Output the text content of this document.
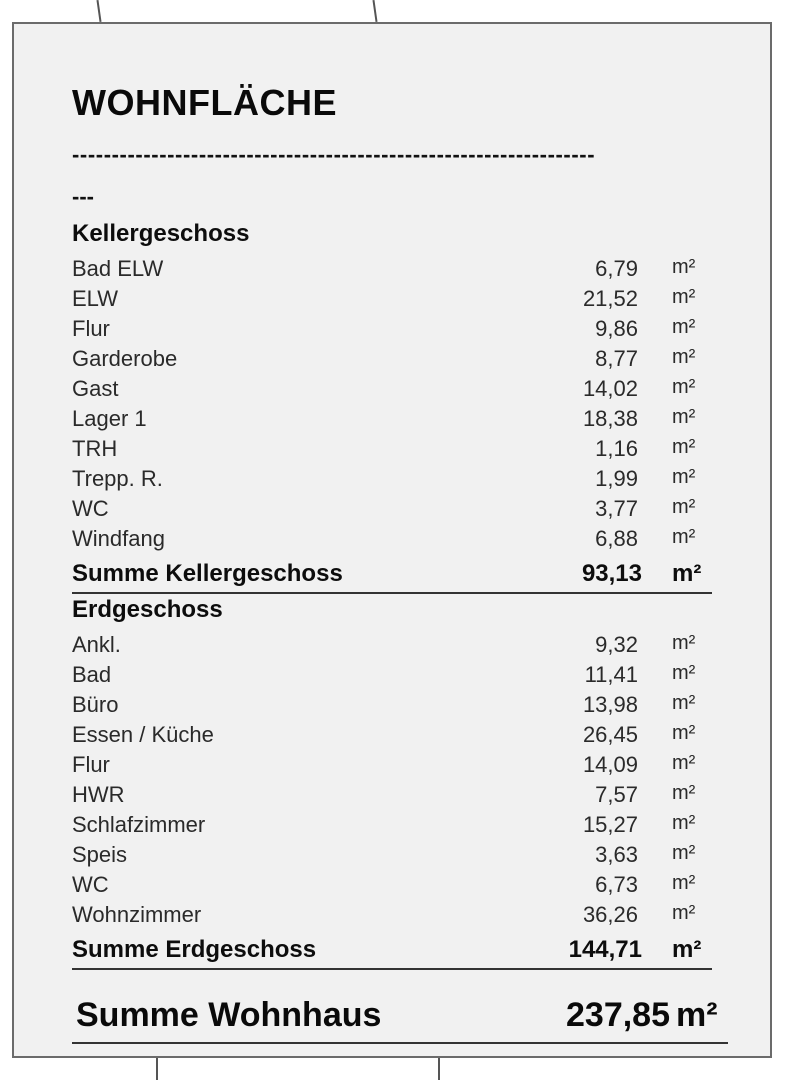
WOHNFLÄCHE
------------------------------------------------------------------
---
Kellergeschoss
Bad ELW	6,79 m²
ELW	21,52 m²
Flur	9,86 m²
Garderobe	8,77 m²
Gast	14,02 m²
Lager 1	18,38 m²
TRH	1,16 m²
Trepp. R.	1,99 m²
WC	3,77 m²
Windfang	6,88 m²
Summe Kellergeschoss	93,13 m²
Erdgeschoss
Ankl.	9,32 m²
Bad	11,41 m²
Büro	13,98 m²
Essen / Küche	26,45 m²
Flur	14,09 m²
HWR	7,57 m²
Schlafzimmer	15,27 m²
Speis	3,63 m²
WC	6,73 m²
Wohnzimmer	36,26 m²
Summe Erdgeschoss	144,71 m²
Summe Wohnhaus	237,85 m²
